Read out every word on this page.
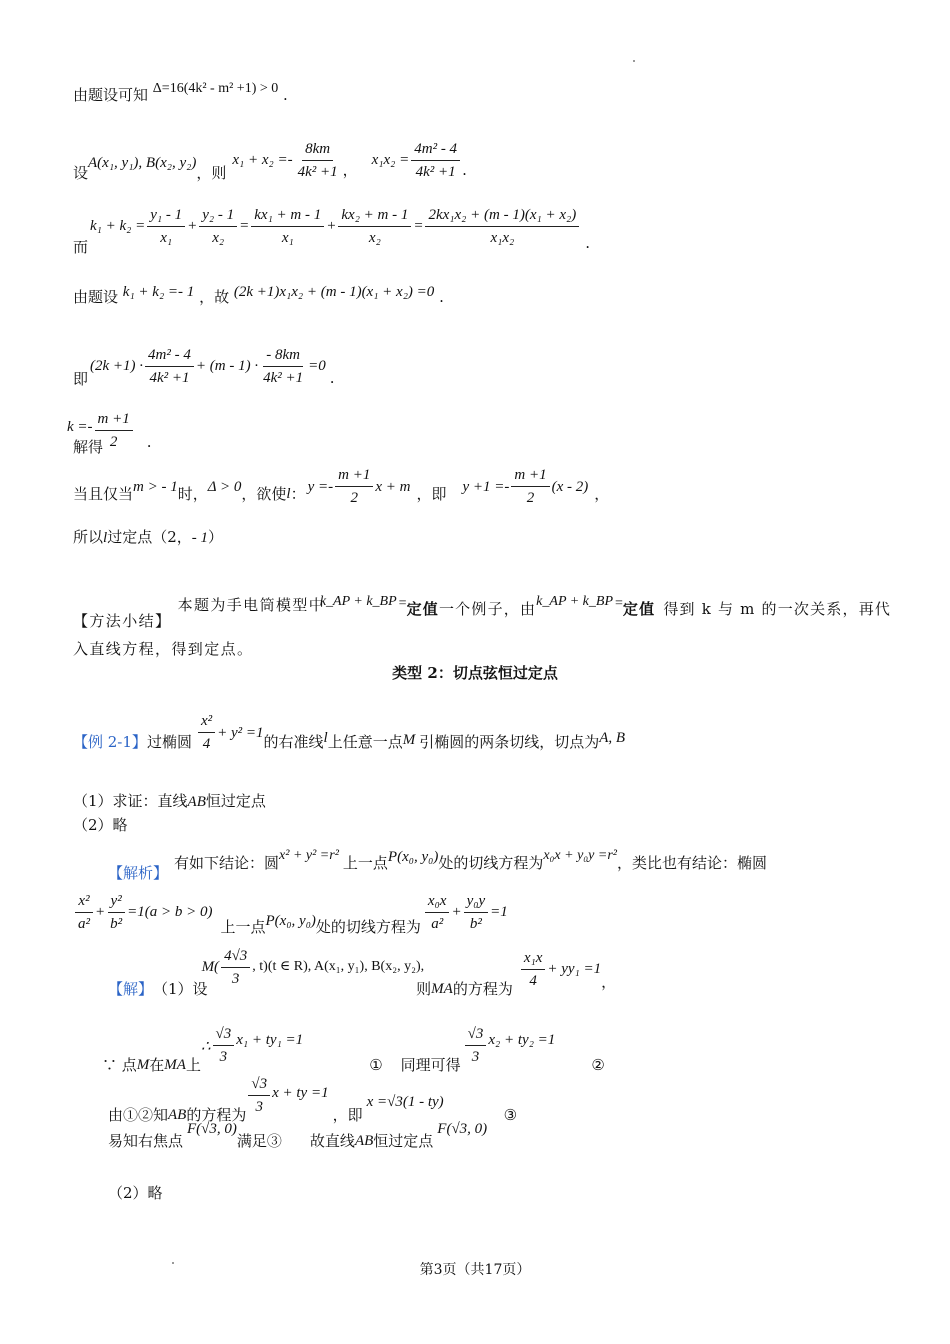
由题设可知 Δ=16(4k² - m² +1) > 0 .
设
A(x₁, y₁), B(x₂, y₂)
，则
$x_1 + x_2 =- \frac{8km}{\text{4k² +1}}$ ，
$x_1x_2 = \frac{\text{4m² - 4}}{\text{4k² +1}}$ .
而
$k_1 + k_2 = \frac{\text{y₁ - 1}}{\text{x₁}} + \frac{\text{y₂ - 1}}{\text{x₂}} = \frac{\text{kx₁ + m - 1}}{\text{x₁}} + \frac{\text{kx₂ + m - 1}}{\text{x₂}} = \frac{\text{2kx₁x₂ + (m - 1)(x₁ + x₂)}}{\text{x₁x₂}}$ .
由题设 k₁ + k₂ =- 1 ，故 (2k +1)x₁x₂ + (m - 1)(x₁ + x₂) =0 .
即
$(2k +1) \cdot \frac{\text{4m² - 4}}{\text{4k² +1}} + (m - 1) \cdot \frac{- 8km}{\text{4k² +1}} =0$
.
解得
$k =- \frac{m +1}{2}$ .
当且仅当 m > - 1 时， Δ > 0 ，欲使 l ： $y =- \frac{m +1}{2}$ x + m ，即 $y +1 =- \frac{m +1}{2} (x - 2)$ ，
所以l过定点（2，- 1）
【方法小结】 本题为手电筒模型中
k_AP + k_BP = 定值 一个例子，由 k_AP + k_BP = 定值 得到 k 与 m 的一次关系，再代
入直线方程，得到定点。
类型 2：切点弦恒过定点
【例 2-1】 过椭圆 $\frac{\text{x²}}{4} + y^2 =1$ 的右准线 l 上任意一点 M 引椭圆的两条切线，切点为 A, B
（1）求证：直线AB恒过定点
（2）略
【解析】
有如下结论：圆 x² + y² =r² 上一点 P(x₀, y₀) 处的切线方程为 x₀x + y₀y =r² ，类比也有结论：椭圆
$\frac{\text{x²}}{\text{a²}} + \frac{\text{y²}}{\text{b²}} =1(a > b > 0)$
上一点 P(x₀, y₀) 处的切线方程为 $\frac{\text{x₀x}}{\text{a²}} + \frac{\text{y₀y}}{\text{b²}} =1$
【解】 （1）设
$M( \frac{4√3}{3}$ , t)(t ∈ R), A(x₁, y₁), B(x₂, y₂),
则 MA 的方程为 $\frac{\text{x₁x}}{4} + yy_1 =1$
，
∵ 点 M 在 MA 上
∴ $\frac{√3}{3} x_1 + ty_1 =1$
① 同理可得 $\frac{√3}{3} x_2 + ty_2 =1$
②
由①②知 AB 的方程为 $\frac{√3}{3}$ x + ty =1
，即
x =√3(1 - ty)
③
易知右焦点
F(√3, 0)
满足③ 故直线 AB 恒过定点
F(√3, 0)
（2）略
第3页（共17页）
